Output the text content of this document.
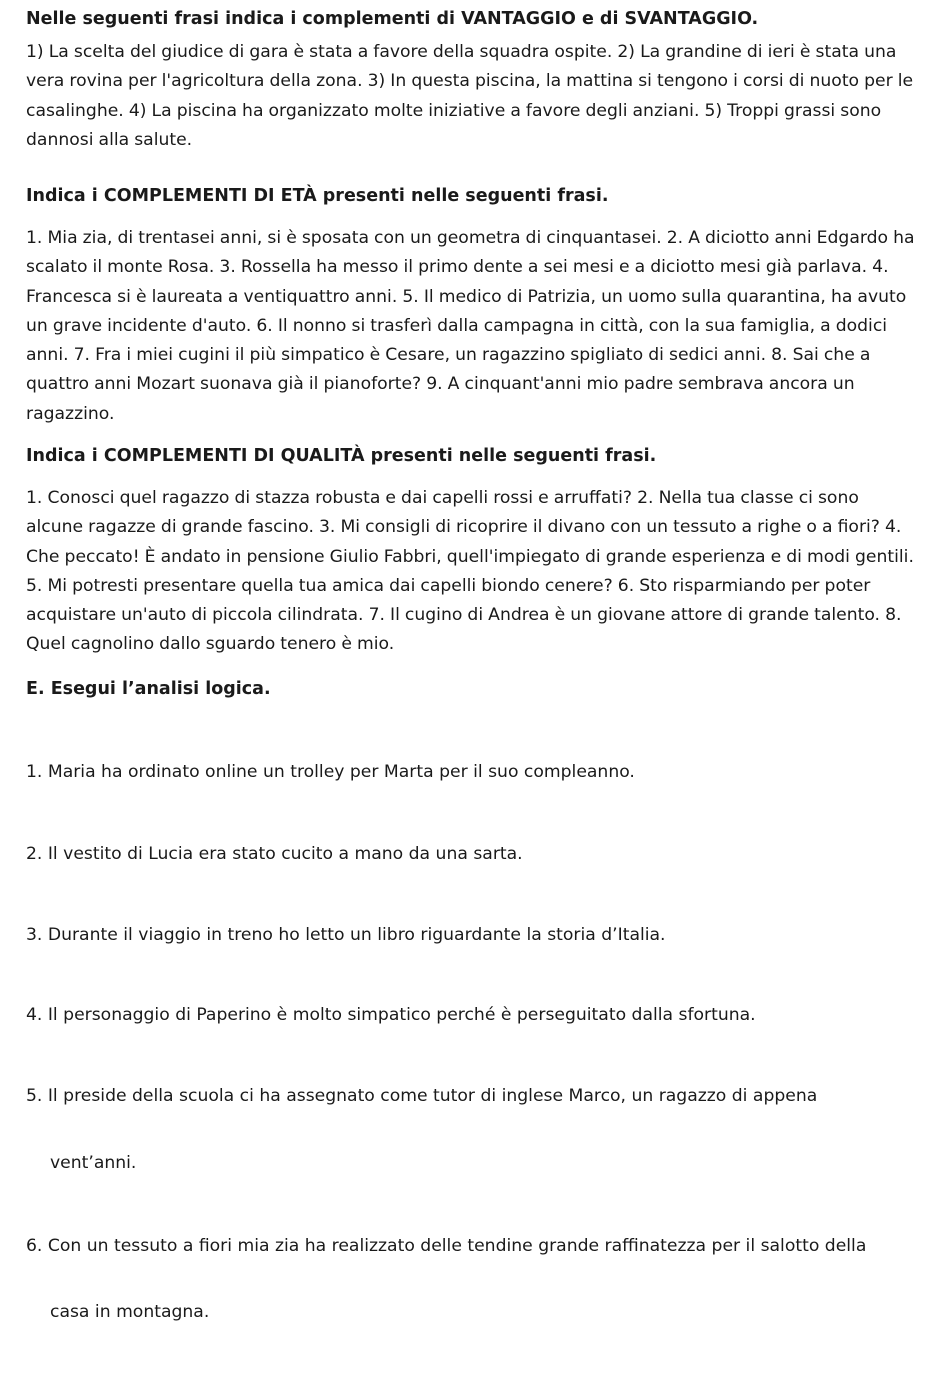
Nelle seguenti frasi indica i complementi di VANTAGGIO e di SVANTAGGIO.

1) La scelta del giudice di gara è stata a favore della squadra ospite. 2) La grandine di ieri è stata una vera rovina per l'agricoltura della zona. 3) In questa piscina, la mattina si tengono i corsi di nuoto per le casalinghe. 4) La piscina ha organizzato molte iniziative a favore degli anziani. 5) Troppi grassi sono dannosi alla salute.

Indica i COMPLEMENTI DI ETÀ presenti nelle seguenti frasi.

1. Mia zia, di trentasei anni, si è sposata con un geometra di cinquantasei. 2. A diciotto anni Edgardo ha scalato il monte Rosa. 3. Rossella ha messo il primo dente a sei mesi e a diciotto mesi già parlava. 4. Francesca si è laureata a ventiquattro anni. 5. Il medico di Patrizia, un uomo sulla quarantina, ha avuto un grave incidente d'auto. 6. Il nonno si trasferì dalla campagna in città, con la sua famiglia, a dodici anni. 7. Fra i miei cugini il più simpatico è Cesare, un ragazzino spigliato di sedici anni. 8. Sai che a quattro anni Mozart suonava già il pianoforte? 9. A cinquant'anni mio padre sembrava ancora un ragazzino.

Indica i COMPLEMENTI DI QUALITÀ presenti nelle seguenti frasi.

1. Conosci quel ragazzo di stazza robusta e dai capelli rossi e arruffati? 2. Nella tua classe ci sono alcune ragazze di grande fascino. 3. Mi consigli di ricoprire il divano con un tessuto a righe o a fiori? 4. Che peccato! È andato in pensione Giulio Fabbri, quell'impiegato di grande esperienza e di modi gentili. 5. Mi potresti presentare quella tua amica dai capelli biondo cenere? 6. Sto risparmiando per poter acquistare un'auto di piccola cilindrata. 7. Il cugino di Andrea è un giovane attore di grande talento. 8. Quel cagnolino dallo sguardo tenero è mio.

E. Esegui l’analisi logica.

1. Maria ha ordinato online un trolley per Marta per il suo compleanno.

2. Il vestito di Lucia era stato cucito a mano da una sarta.

3. Durante il viaggio in treno ho letto un libro riguardante la storia d’Italia.

4. Il personaggio di Paperino è molto simpatico perché è perseguitato dalla sfortuna.

5. Il preside della scuola ci ha assegnato come tutor di inglese Marco, un ragazzo di appena

vent’anni.

6. Con un tessuto a fiori mia zia ha realizzato delle tendine grande raffinatezza per il salotto della

casa in montagna.
